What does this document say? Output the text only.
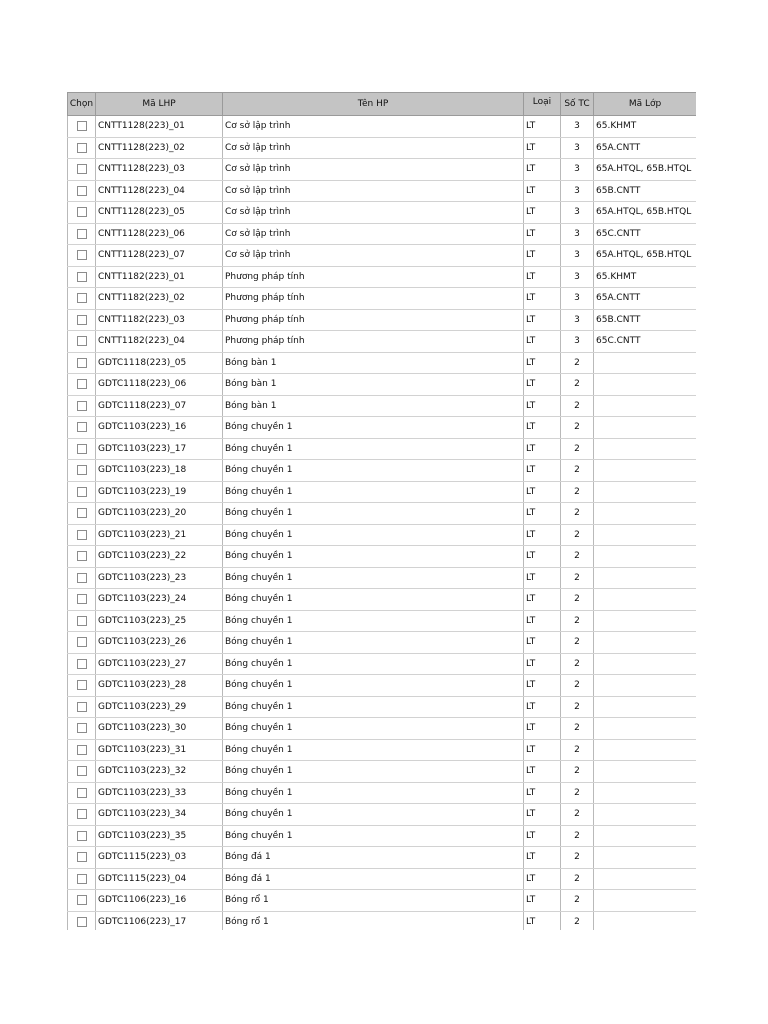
Chọn	Mã LHP	Tên HP	Loại	Số TC	Mã Lớp
	CNTT1128(223)_01	Cơ sở lập trình	LT	3	65.KHMT
	CNTT1128(223)_02	Cơ sở lập trình	LT	3	65A.CNTT
	CNTT1128(223)_03	Cơ sở lập trình	LT	3	65A.HTQL, 65B.HTQL
	CNTT1128(223)_04	Cơ sở lập trình	LT	3	65B.CNTT
	CNTT1128(223)_05	Cơ sở lập trình	LT	3	65A.HTQL, 65B.HTQL
	CNTT1128(223)_06	Cơ sở lập trình	LT	3	65C.CNTT
	CNTT1128(223)_07	Cơ sở lập trình	LT	3	65A.HTQL, 65B.HTQL
	CNTT1182(223)_01	Phương pháp tính	LT	3	65.KHMT
	CNTT1182(223)_02	Phương pháp tính	LT	3	65A.CNTT
	CNTT1182(223)_03	Phương pháp tính	LT	3	65B.CNTT
	CNTT1182(223)_04	Phương pháp tính	LT	3	65C.CNTT
	GDTC1118(223)_05	Bóng bàn 1	LT	2	
	GDTC1118(223)_06	Bóng bàn 1	LT	2	
	GDTC1118(223)_07	Bóng bàn 1	LT	2	
	GDTC1103(223)_16	Bóng chuyền 1	LT	2	
	GDTC1103(223)_17	Bóng chuyền 1	LT	2	
	GDTC1103(223)_18	Bóng chuyền 1	LT	2	
	GDTC1103(223)_19	Bóng chuyền 1	LT	2	
	GDTC1103(223)_20	Bóng chuyền 1	LT	2	
	GDTC1103(223)_21	Bóng chuyền 1	LT	2	
	GDTC1103(223)_22	Bóng chuyền 1	LT	2	
	GDTC1103(223)_23	Bóng chuyền 1	LT	2	
	GDTC1103(223)_24	Bóng chuyền 1	LT	2	
	GDTC1103(223)_25	Bóng chuyền 1	LT	2	
	GDTC1103(223)_26	Bóng chuyền 1	LT	2	
	GDTC1103(223)_27	Bóng chuyền 1	LT	2	
	GDTC1103(223)_28	Bóng chuyền 1	LT	2	
	GDTC1103(223)_29	Bóng chuyền 1	LT	2	
	GDTC1103(223)_30	Bóng chuyền 1	LT	2	
	GDTC1103(223)_31	Bóng chuyền 1	LT	2	
	GDTC1103(223)_32	Bóng chuyền 1	LT	2	
	GDTC1103(223)_33	Bóng chuyền 1	LT	2	
	GDTC1103(223)_34	Bóng chuyền 1	LT	2	
	GDTC1103(223)_35	Bóng chuyền 1	LT	2	
	GDTC1115(223)_03	Bóng đá 1	LT	2	
	GDTC1115(223)_04	Bóng đá 1	LT	2	
	GDTC1106(223)_16	Bóng rổ 1	LT	2	
	GDTC1106(223)_17	Bóng rổ 1	LT	2	
